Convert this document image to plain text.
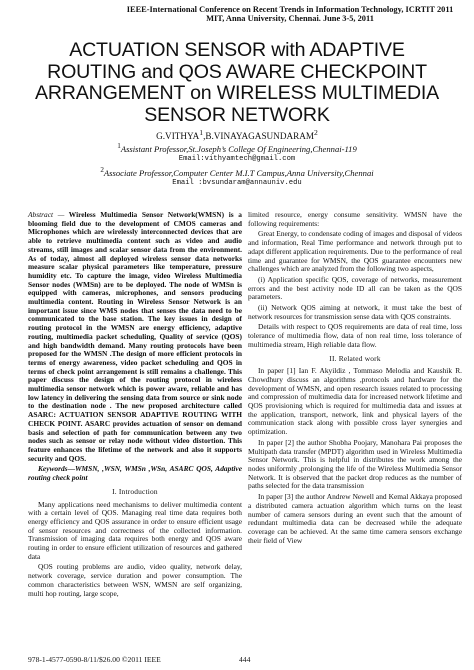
IEEE-International Conference on Recent Trends in Information Technology, ICRTIT 2011
MIT, Anna University, Chennai. June 3-5, 2011
ACTUATION SENSOR with ADAPTIVE
ROUTING and QOS AWARE CHECKPOINT
ARRANGEMENT on WIRELESS MULTIMEDIA
SENSOR NETWORK
G.VITHYA$^1$,B.VINAYAGASUNDARAM$^2$
$^1$Assistant Professor,St.Joseph’s College Of Engineering,Chennai-119
Email:vithyamtech@gmail.com
$^2$Associate Professor,Computer Center M.I.T Campus,Anna University,Chennai
Email :bvsundaram@annauniv.edu

Abstract — Wireless Multimedia Sensor Network(WMSN) is a blooming field due to the development of CMOS cameras and Microphones which are wirelessly interconnected devices that are able to retrieve multimedia content such as video and audio streams, still images and scalar sensor data from the environment. As of today, almost all deployed wireless sensor data networks measure scalar physical parameters like temperature, pressure humidity etc. To capture the image, video Wireless Multimedia Sensor nodes (WMSn) are to be deployed. The node of WMSn is equipped with cameras, microphones, and sensors producing multimedia content. Routing in Wireless Sensor Network is an important issue since WMS nodes that senses the data need to be communicated to the base station. The key issues in design of routing protocol in the WMSN are energy efficiency, adaptive routing, multimedia packet scheduling, Quality of service (QOS) and high bandwidth demand. Many routing protocols have been proposed for the WMSN .The design of more efficient protocols in terms of energy awareness, video packet scheduling and QOS in terms of check point arrangement is still remains a challenge. This paper discuss the design of the routing protocol in wireless multimedia sensor network which is power aware, reliable and has low latency in delivering the sensing data from source or sink node to the destination node . The new proposed architecture called ASARC: ACTUATION SENSOR ADAPTIVE ROUTING WITH CHECK POINT. ASARC provides actuation of sensor on demand basis and selection of path for communication between any two nodes such as sensor or relay node without video distortion. This feature enhances the lifetime of the network and also it supports security and QOS.

Keywords—WMSN, ,WSN, WMSn ,WSn, ASARC QOS, Adaptive routing check point

I. Introduction

Many applications need mechanisms to deliver multimedia content with a certain level of QOS. Managing real time data requires both energy efficiency and QOS assurance in order to ensure efficient usage of sensor resources and correctness of the collected information. Transmission of imaging data requires both energy and QOS aware routing in order to ensure efficient utilization of resources and gathered data

QOS routing problems are audio, video quality, network delay, network coverage, service duration and power consumption. The common characteristics between WSN, WMSN are self organizing, multi hop routing, large scope,

limited resource, energy consume sensitivity. WMSN have the following requirements:

Great Energy, to condensate coding of images and disposal of videos and information, Real Time performance and network through put to adapt different application requirements. Due to the performance of real time and guarantee for WMSN, the QOS guarantee encounters new challenges which are analyzed from the following two aspects,

(i) Application specific QOS, coverage of networks, measurement errors and the best activity node ID all can be taken as the QOS parameters.

(ii) Network QOS aiming at network, it must take the best of network resources for transmission sense data with QOS constraints.

Details with respect to QOS requirements are data of real time, loss tolerance of multimedia flow, data of non real time, loss tolerance of multimedia stream, High reliable data flow.

II. Related work

In paper [1] Ian F. Akyildiz , Tommaso Melodia and Kaushik R. Chowdhury discuss an algorithms ,protocols and hardware for the development of WMSN, and open research issues related to processing and compression of multimedia data for increased network lifetime and QOS provisioning which is required for multimedia data and issues at the application, transport, network, link and physical layers of the communication stack along with possible cross layer synergies and optimization.

In paper [2] the author Shobha Poojary, Manohara Pai proposes the Multipath data transfer (MPDT) algorithm used in Wireless Multimedia Sensor Network. This is helpful in distributes the work among the nodes uniformly ,prolonging the life of the Wireless Multimedia Sensor Network. It is observed that the packet drop reduces as the number of paths selected for the data transmission

In paper [3] the author Andrew Newell and Kemal Akkaya proposed a distributed camera actuation algorithm which turns on the least number of camera sensors during an event such that the amount of redundant multimedia data can be decreased while the adequate coverage can be achieved. At the same time camera sensors exchange their field of View

978-1-4577-0590-8/11/$26.00 ©2011 IEEE	444
